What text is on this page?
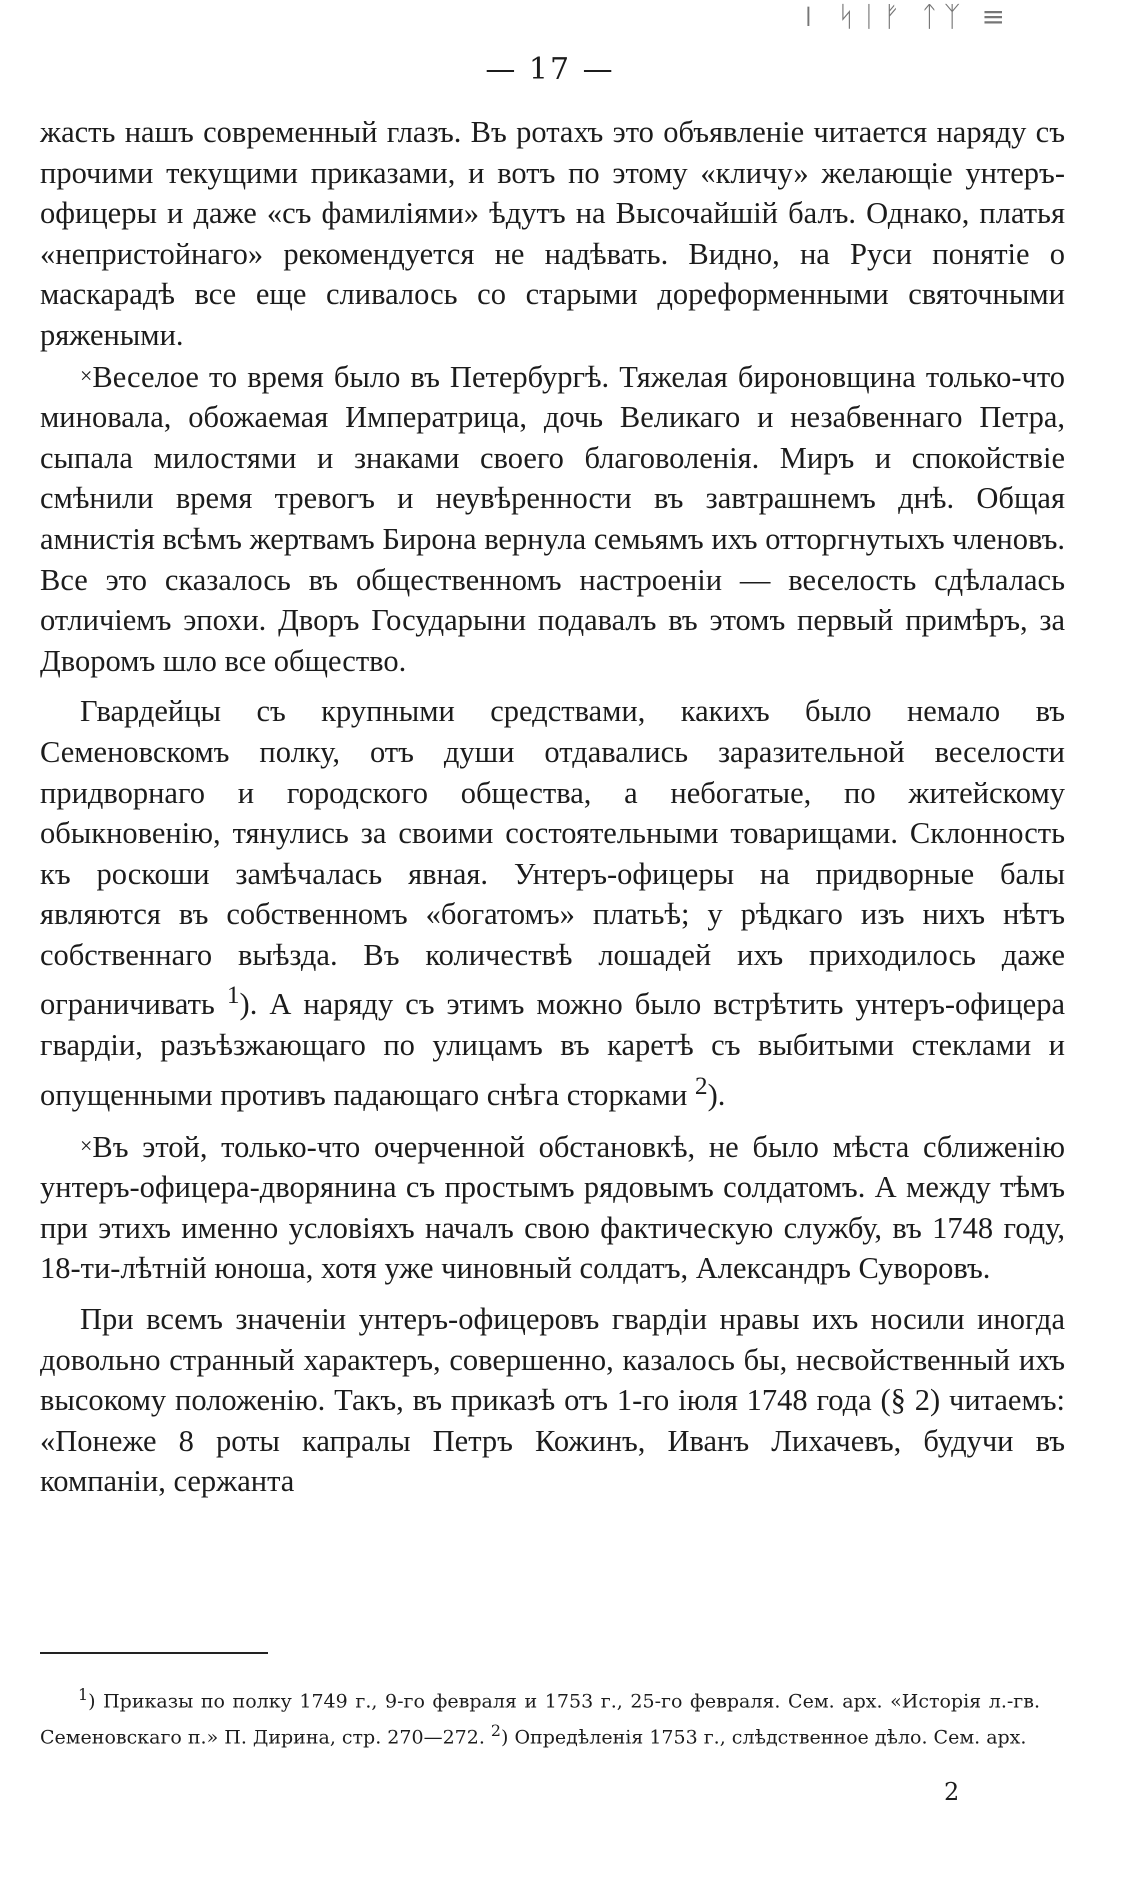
❘ ᛋᛁᚠ ᛏᛉ ≡
— 17 —

жасть нашъ современный глазъ. Въ ротахъ это объявленіе читается наряду съ прочими текущими приказами, и вотъ по этому «кличу» желающіе унтеръ-офицеры и даже «съ фамиліями» ѣдутъ на Высочайшій балъ. Однако, платья «непристойнаго» рекомендуется не надѣвать. Видно, на Руси понятіе о маскарадѣ все еще сливалось со старыми дореформенными святочными ряжеными.

×Веселое то время было въ Петербургѣ. Тяжелая бироновщина только-что миновала, обожаемая Императрица, дочь Великаго и незабвеннаго Петра, сыпала милостями и знаками своего благоволенія. Миръ и спокойствіе смѣнили время тревогъ и неувѣренности въ завтрашнемъ днѣ. Общая амнистія всѣмъ жертвамъ Бирона вернула семьямъ ихъ отторгнутыхъ членовъ. Все это сказалось въ общественномъ настроеніи — веселость сдѣлалась отличіемъ эпохи. Дворъ Государыни подавалъ въ этомъ первый примѣръ, за Дворомъ шло все общество.

Гвардейцы съ крупными средствами, какихъ было немало въ Семеновскомъ полку, отъ души отдавались заразительной веселости придворнаго и городского общества, а небогатые, по житейскому обыкновенію, тянулись за своими состоятельными товарищами. Склонность къ роскоши замѣчалась явная. Унтеръ-офицеры на придворные балы являются въ собственномъ «богатомъ» платьѣ; у рѣдкаго изъ нихъ нѣтъ собственнаго выѣзда. Въ количествѣ лошадей ихъ приходилось даже ограничивать $^1$). А наряду съ этимъ можно было встрѣтить унтеръ-офицера гвардіи, разъѣзжающаго по улицамъ въ каретѣ съ выбитыми стеклами и опущенными противъ падающаго снѣга сторками $^2$).

×Въ этой, только-что очерченной обстановкѣ, не было мѣста сближенію унтеръ-офицера-дворянина съ простымъ рядовымъ солдатомъ. А между тѣмъ при этихъ именно условіяхъ началъ свою фактическую службу, въ 1748 году, 18-ти-лѣтній юноша, хотя уже чиновный солдатъ, Александръ Суворовъ.

При всемъ значеніи унтеръ-офицеровъ гвардіи нравы ихъ носили иногда довольно странный характеръ, совершенно, казалось бы, несвойственный ихъ высокому положенію. Такъ, въ приказѣ отъ 1-го іюля 1748 года (§ 2) читаемъ: «Понеже 8 роты капралы Петръ Кожинъ, Иванъ Лихачевъ, будучи въ компаніи, сержанта

$^1$) Приказы по полку 1749 г., 9-го февраля и 1753 г., 25-го февраля. Сем. арх. «Исторія л.-гв. Семеновскаго п.» П. Дирина, стр. 270—272. $^2$) Опредѣленія 1753 г., слѣдственное дѣло. Сем. арх.
2
